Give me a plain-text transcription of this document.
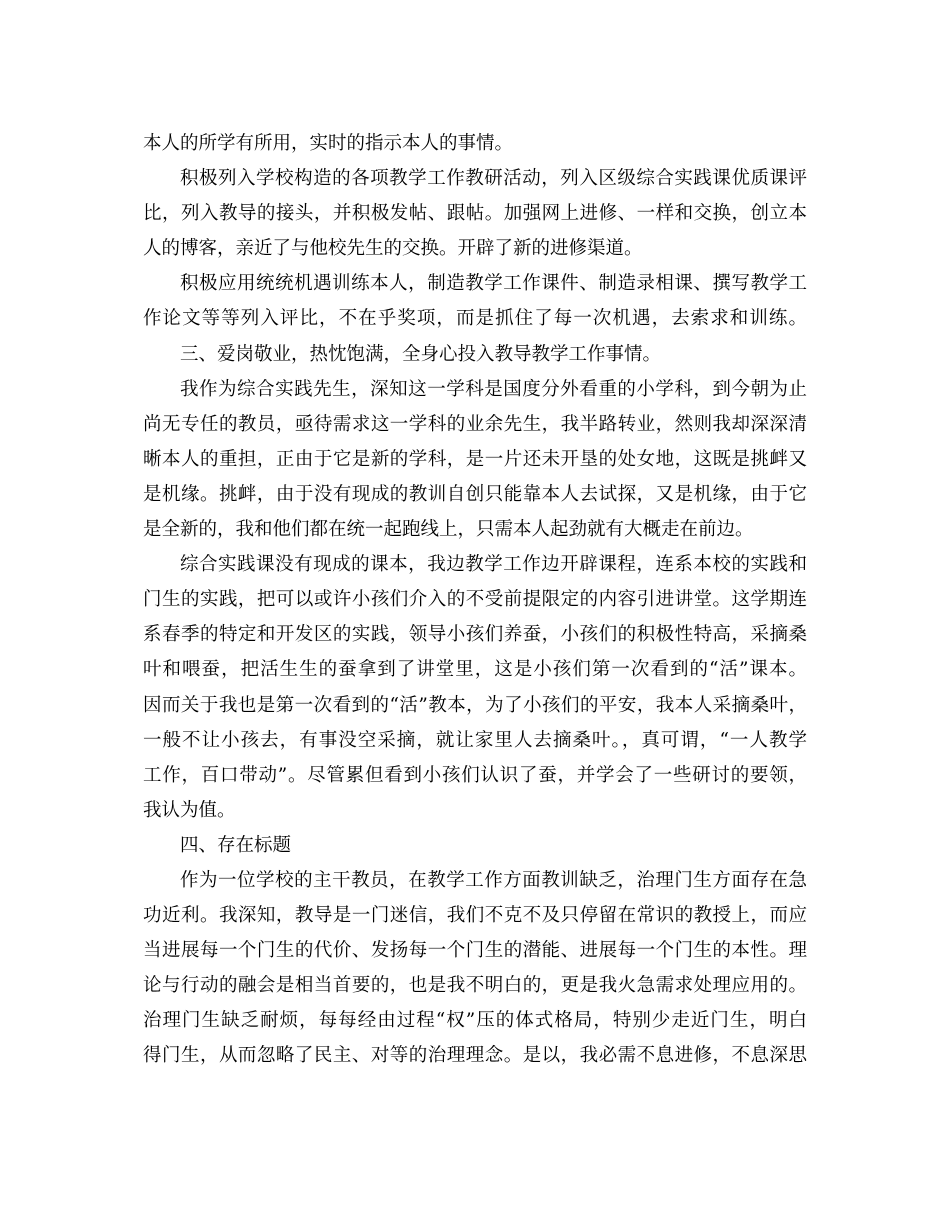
本人的所学有所用，实时的指示本人的事情。
积极列入学校构造的各项教学工作教研活动，列入区级综合实践课优质课评
比，列入教导的接头，并积极发帖、跟帖。加强网上进修、一样和交换，创立本
人的博客，亲近了与他校先生的交换。开辟了新的进修渠道。
积极应用统统机遇训练本人，制造教学工作课件、制造录相课、撰写教学工
作论文等等列入评比，不在乎奖项，而是抓住了每一次机遇，去索求和训练。
三、爱岗敬业，热忱饱满，全身心投入教导教学工作事情。
我作为综合实践先生，深知这一学科是国度分外看重的小学科，到今朝为止
尚无专任的教员，亟待需求这一学科的业余先生，我半路转业，然则我却深深清
晰本人的重担，正由于它是新的学科，是一片还未开垦的处女地，这既是挑衅又
是机缘。挑衅，由于没有现成的教训自创只能靠本人去试探，又是机缘，由于它
是全新的，我和他们都在统一起跑线上，只需本人起劲就有大概走在前边。
综合实践课没有现成的课本，我边教学工作边开辟课程，连系本校的实践和
门生的实践，把可以或许小孩们介入的不受前提限定的内容引进讲堂。这学期连
系春季的特定和开发区的实践，领导小孩们养蚕，小孩们的积极性特高，采摘桑
叶和喂蚕，把活生生的蚕拿到了讲堂里，这是小孩们第一次看到的“活”课本。
因而关于我也是第一次看到的“活”教本，为了小孩们的平安，我本人采摘桑叶，
一般不让小孩去，有事没空采摘，就让家里人去摘桑叶。，真可谓，“一人教学
工作，百口带动”。尽管累但看到小孩们认识了蚕，并学会了一些研讨的要领，
我认为值。
四、存在标题
作为一位学校的主干教员，在教学工作方面教训缺乏，治理门生方面存在急
功近利。我深知，教导是一门迷信，我们不克不及只停留在常识的教授上，而应
当进展每一个门生的代价、发扬每一个门生的潜能、进展每一个门生的本性。理
论与行动的融会是相当首要的，也是我不明白的，更是我火急需求处理应用的。
治理门生缺乏耐烦，每每经由过程“权”压的体式格局，特别少走近门生，明白
得门生，从而忽略了民主、对等的治理理念。是以，我必需不息进修，不息深思
